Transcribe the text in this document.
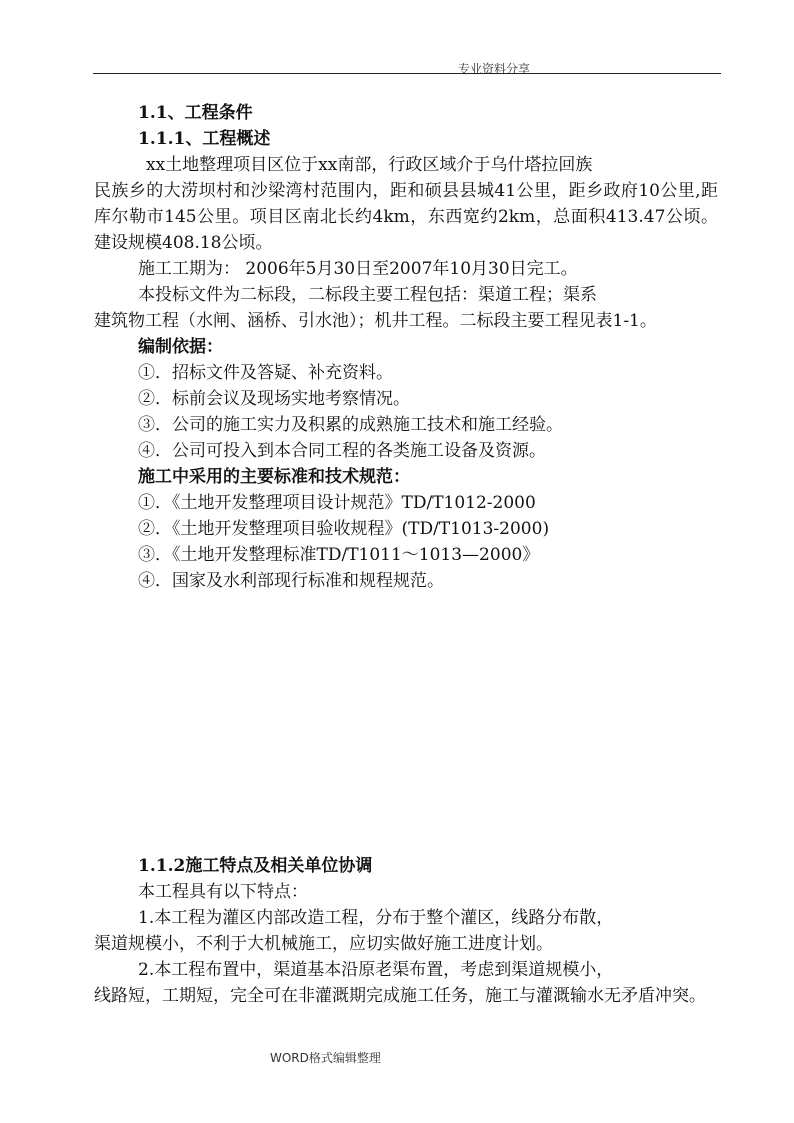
专业资料分享
1.1、工程条件
1.1.1、工程概述
xx土地整理项目区位于xx南部，行政区域介于乌什塔拉回族
民族乡的大涝坝村和沙梁湾村范围内，距和硕县县城41公里，距乡政府10公里,距库尔勒市145公里。项目区南北长约4km，东西宽约2km，总面积413.47公顷。建设规模408.18公顷。
施工工期为： 2006年5月30日至2007年10月30日完工。
本投标文件为二标段，二标段主要工程包括：渠道工程；渠系
建筑物工程（水闸、涵桥、引水池）；机井工程。二标段主要工程见表1-1。
编制依据：
①．招标文件及答疑、补充资料。
②．标前会议及现场实地考察情况。
③．公司的施工实力及积累的成熟施工技术和施工经验。
④．公司可投入到本合同工程的各类施工设备及资源。
施工中采用的主要标准和技术规范：
①．《土地开发整理项目设计规范》TD/T1012-2000
②．《土地开发整理项目验收规程》(TD/T1013-2000)
③．《土地开发整理标准TD/T1011～1013—2000》
④．国家及水利部现行标准和规程规范。
1.1.2施工特点及相关单位协调
本工程具有以下特点：
1.本工程为灌区内部改造工程，分布于整个灌区，线路分布散，
渠道规模小，不利于大机械施工，应切实做好施工进度计划。
2.本工程布置中，渠道基本沿原老渠布置，考虑到渠道规模小，
线路短，工期短，完全可在非灌溉期完成施工任务，施工与灌溉输水无矛盾冲突。
WORD格式编辑整理
